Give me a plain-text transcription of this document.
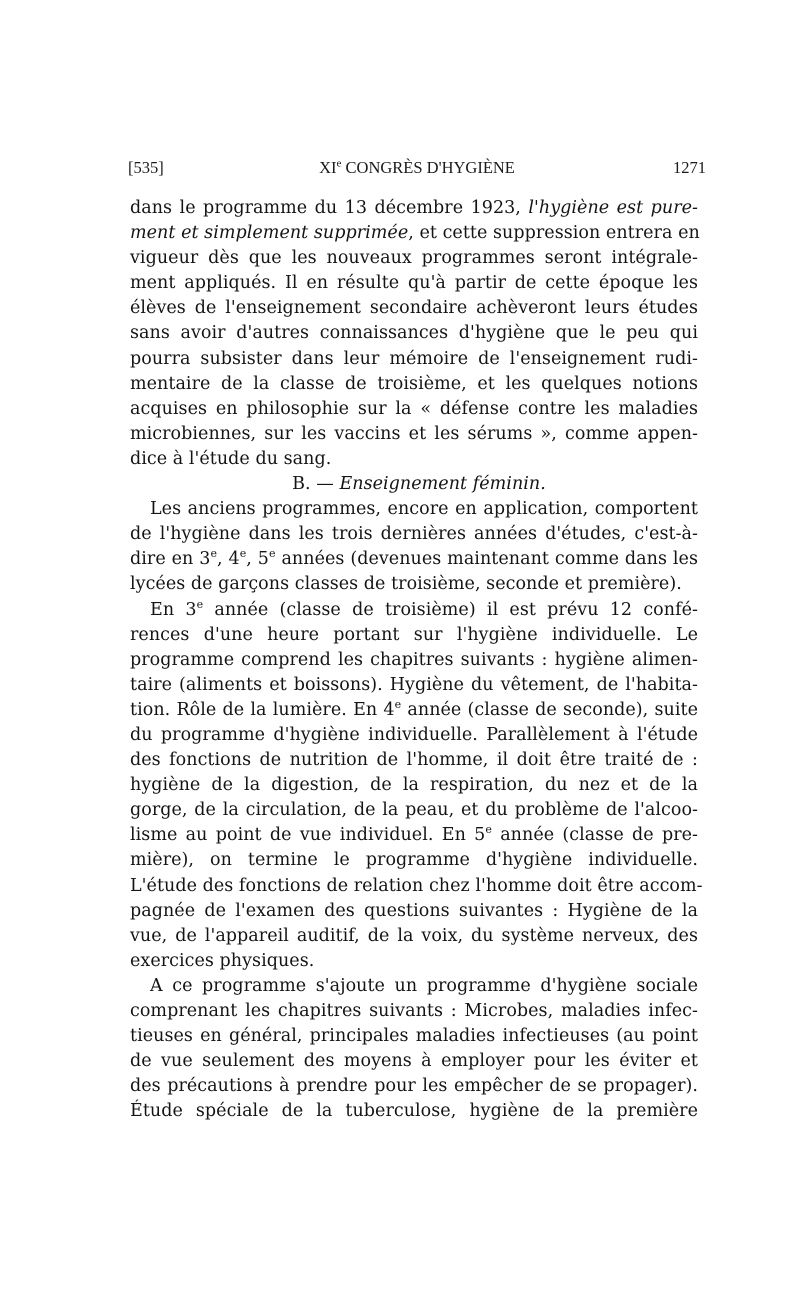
[535]	XIe CONGRÈS D'HYGIÈNE	1271

dans le programme du 13 décembre 1923, l'hygiène est pure-
ment et simplement supprimée, et cette suppression entrera en
vigueur dès que les nouveaux programmes seront intégrale-
ment appliqués. Il en résulte qu'à partir de cette époque les
élèves de l'enseignement secondaire achèveront leurs études
sans avoir d'autres connaissances d'hygiène que le peu qui
pourra subsister dans leur mémoire de l'enseignement rudi-
mentaire de la classe de troisième, et les quelques notions
acquises en philosophie sur la « défense contre les maladies
microbiennes, sur les vaccins et les sérums », comme appen-
dice à l'étude du sang.

B. — Enseignement féminin.

Les anciens programmes, encore en application, comportent
de l'hygiène dans les trois dernières années d'études, c'est-à-
dire en 3e, 4e, 5e années (devenues maintenant comme dans les
lycées de garçons classes de troisième, seconde et première).

En 3e année (classe de troisième) il est prévu 12 confé-
rences d'une heure portant sur l'hygiène individuelle. Le
programme comprend les chapitres suivants : hygiène alimen-
taire (aliments et boissons). Hygiène du vêtement, de l'habita-
tion. Rôle de la lumière. En 4e année (classe de seconde), suite
du programme d'hygiène individuelle. Parallèlement à l'étude
des fonctions de nutrition de l'homme, il doit être traité de :
hygiène de la digestion, de la respiration, du nez et de la
gorge, de la circulation, de la peau, et du problème de l'alcoo-
lisme au point de vue individuel. En 5e année (classe de pre-
mière), on termine le programme d'hygiène individuelle.
L'étude des fonctions de relation chez l'homme doit être accom-
pagnée de l'examen des questions suivantes : Hygiène de la
vue, de l'appareil auditif, de la voix, du système nerveux, des
exercices physiques.

A ce programme s'ajoute un programme d'hygiène sociale
comprenant les chapitres suivants : Microbes, maladies infec-
tieuses en général, principales maladies infectieuses (au point
de vue seulement des moyens à employer pour les éviter et
des précautions à prendre pour les empêcher de se propager).
Étude spéciale de la tuberculose, hygiène de la première
